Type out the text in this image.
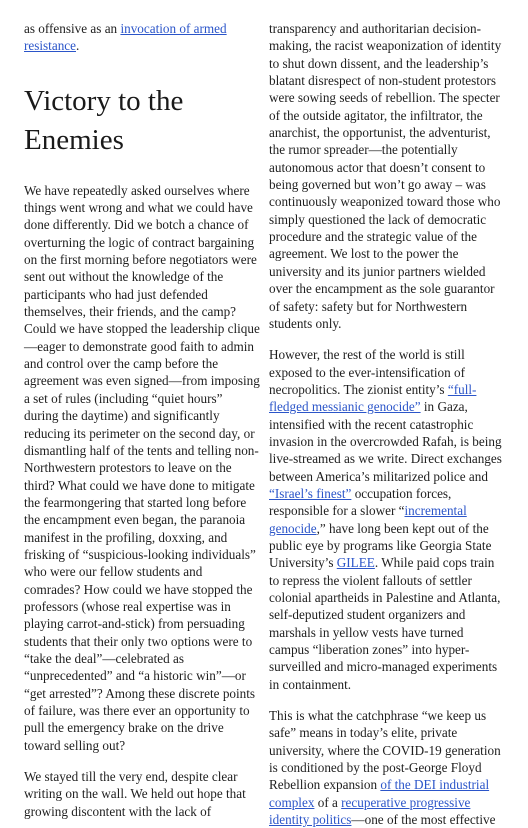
as offensive as an invocation of armed resistance.

Victory to the Enemies

We have repeatedly asked ourselves where things went wrong and what we could have done differently. Did we botch a chance of overturning the logic of contract bargaining on the first morning before negotiators were sent out without the knowledge of the participants who had just defended themselves, their friends, and the camp? Could we have stopped the leadership clique—eager to demonstrate good faith to admin and control over the camp before the agreement was even signed—from imposing a set of rules (including “quiet hours” during the daytime) and significantly reducing its perimeter on the second day, or dismantling half of the tents and telling non-Northwestern protestors to leave on the third? What could we have done to mitigate the fearmongering that started long before the encampment even began, the paranoia manifest in the profiling, doxxing, and frisking of “suspicious-looking individuals” who were our fellow students and comrades? How could we have stopped the professors (whose real expertise was in playing carrot-and-stick) from persuading students that their only two options were to “take the deal”—celebrated as “unprecedented” and “a historic win”—or “get arrested”? Among these discrete points of failure, was there ever an opportunity to pull the emergency brake on the drive toward selling out?

We stayed till the very end, despite clear writing on the wall. We held out hope that growing discontent with the lack of

transparency and authoritarian decision-making, the racist weaponization of identity to shut down dissent, and the leadership’s blatant disrespect of non-student protestors were sowing seeds of rebellion. The specter of the outside agitator, the infiltrator, the anarchist, the opportunist, the adventurist, the rumor spreader—the potentially autonomous actor that doesn’t consent to being governed but won’t go away – was continuously weaponized toward those who simply questioned the lack of democratic procedure and the strategic value of the agreement. We lost to the power the university and its junior partners wielded over the encampment as the sole guarantor of safety: safety but for Northwestern students only.

However, the rest of the world is still exposed to the ever-intensification of necropolitics. The zionist entity’s “full-fledged messianic genocide” in Gaza, intensified with the recent catastrophic invasion in the overcrowded Rafah, is being live-streamed as we write. Direct exchanges between America’s militarized police and “Israel’s finest” occupation forces, responsible for a slower “incremental genocide,” have long been kept out of the public eye by programs like Georgia State University’s GILEE. While paid cops train to repress the violent fallouts of settler colonial apartheids in Palestine and Atlanta, self-deputized student organizers and marshals in yellow vests have turned campus “liberation zones” into hyper-surveilled and micro-managed experiments in containment.

This is what the catchphrase “we keep us safe” means in today’s elite, private university, where the COVID-19 generation is conditioned by the post-George Floyd Rebellion expansion of the DEI industrial complex of a recuperative progressive identity politics—one of the most effective
